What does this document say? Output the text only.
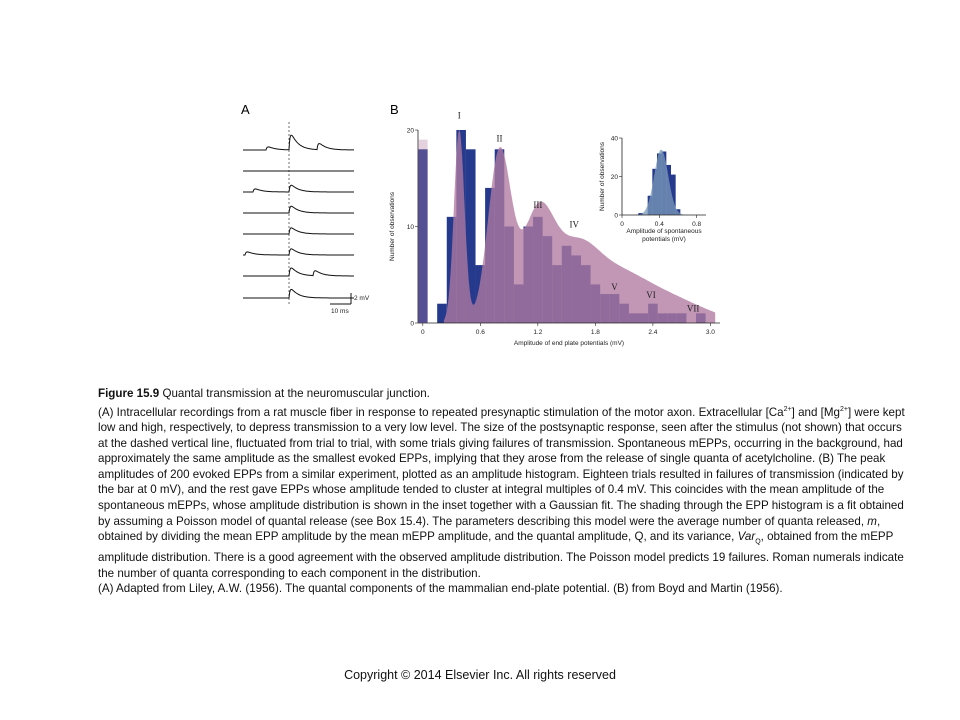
A
2 mV
10 ms
B
0	0.6	1.2	1.8	2.4	3.0
0
10
20
Amplitude of end plate potentials (mV)
Number of observations	0	0.4	0.8
0
20
40
Amplitude of spontaneous potentials (mV)
Number of observations
I
II
III
IV
V
VI
VII

Figure 15.9 Quantal transmission at the neuromuscular junction.

(A) Intracellular recordings from a rat muscle fiber in response to repeated presynaptic stimulation of the motor axon. Extracellular $[Ca^{2+}]$ and $[Mg^{2+}]$ were kept low and high, respectively, to depress transmission to a very low level. The size of the postsynaptic response, seen after the stimulus (not shown) that occurs at the dashed vertical line, fluctuated from trial to trial, with some trials giving failures of transmission. Spontaneous mEPPs, occurring in the background, had approximately the same amplitude as the smallest evoked EPPs, implying that they arose from the release of single quanta of acetylcholine. (B) The peak amplitudes of 200 evoked EPPs from a similar experiment, plotted as an amplitude histogram. Eighteen trials resulted in failures of transmission (indicated by the bar at 0 mV), and the rest gave EPPs whose amplitude tended to cluster at integral multiples of 0.4 mV. This coincides with the mean amplitude of the spontaneous mEPPs, whose amplitude distribution is shown in the inset together with a Gaussian fit. The shading through the EPP histogram is a fit obtained by assuming a Poisson model of quantal release (see Box 15.4). The parameters describing this model were the average number of quanta released, m, obtained by dividing the mean EPP amplitude by the mean mEPP amplitude, and the quantal amplitude, Q, and its variance, Var$_Q$, obtained from the mEPP amplitude distribution. There is a good agreement with the observed amplitude distribution. The Poisson model predicts 19 failures. Roman numerals indicate the number of quanta corresponding to each component in the distribution.

(A) Adapted from Liley, A.W. (1956). The quantal components of the mammalian end-plate potential. (B) from Boyd and Martin (1956).

Copyright © 2014 Elsevier Inc. All rights reserved
